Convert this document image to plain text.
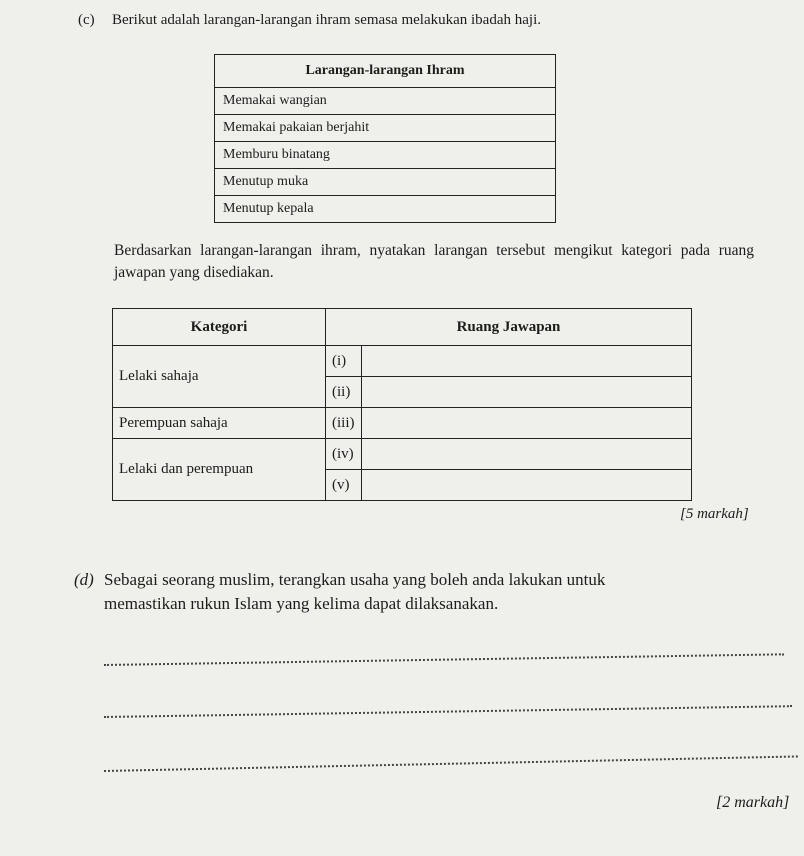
(c) Berikut adalah larangan-larangan ihram semasa melakukan ibadah haji.
Larangan-larangan Ihram
Memakai wangian
Memakai pakaian berjahit
Memburu binatang
Menutup muka
Menutup kepala
Berdasarkan larangan-larangan ihram, nyatakan larangan tersebut mengikut kategori pada ruang jawapan yang disediakan.
Kategori	Ruang Jawapan	
Lelaki sahaja	(i)	
	(ii)	
Perempuan sahaja	(iii)	
Lelaki dan perempuan	(iv)	
	(v)	
[5 markah]
(d) Sebagai seorang muslim, terangkan usaha yang boleh anda lakukan untuk
memastikan rukun Islam yang kelima dapat dilaksanakan.
[2 markah]
